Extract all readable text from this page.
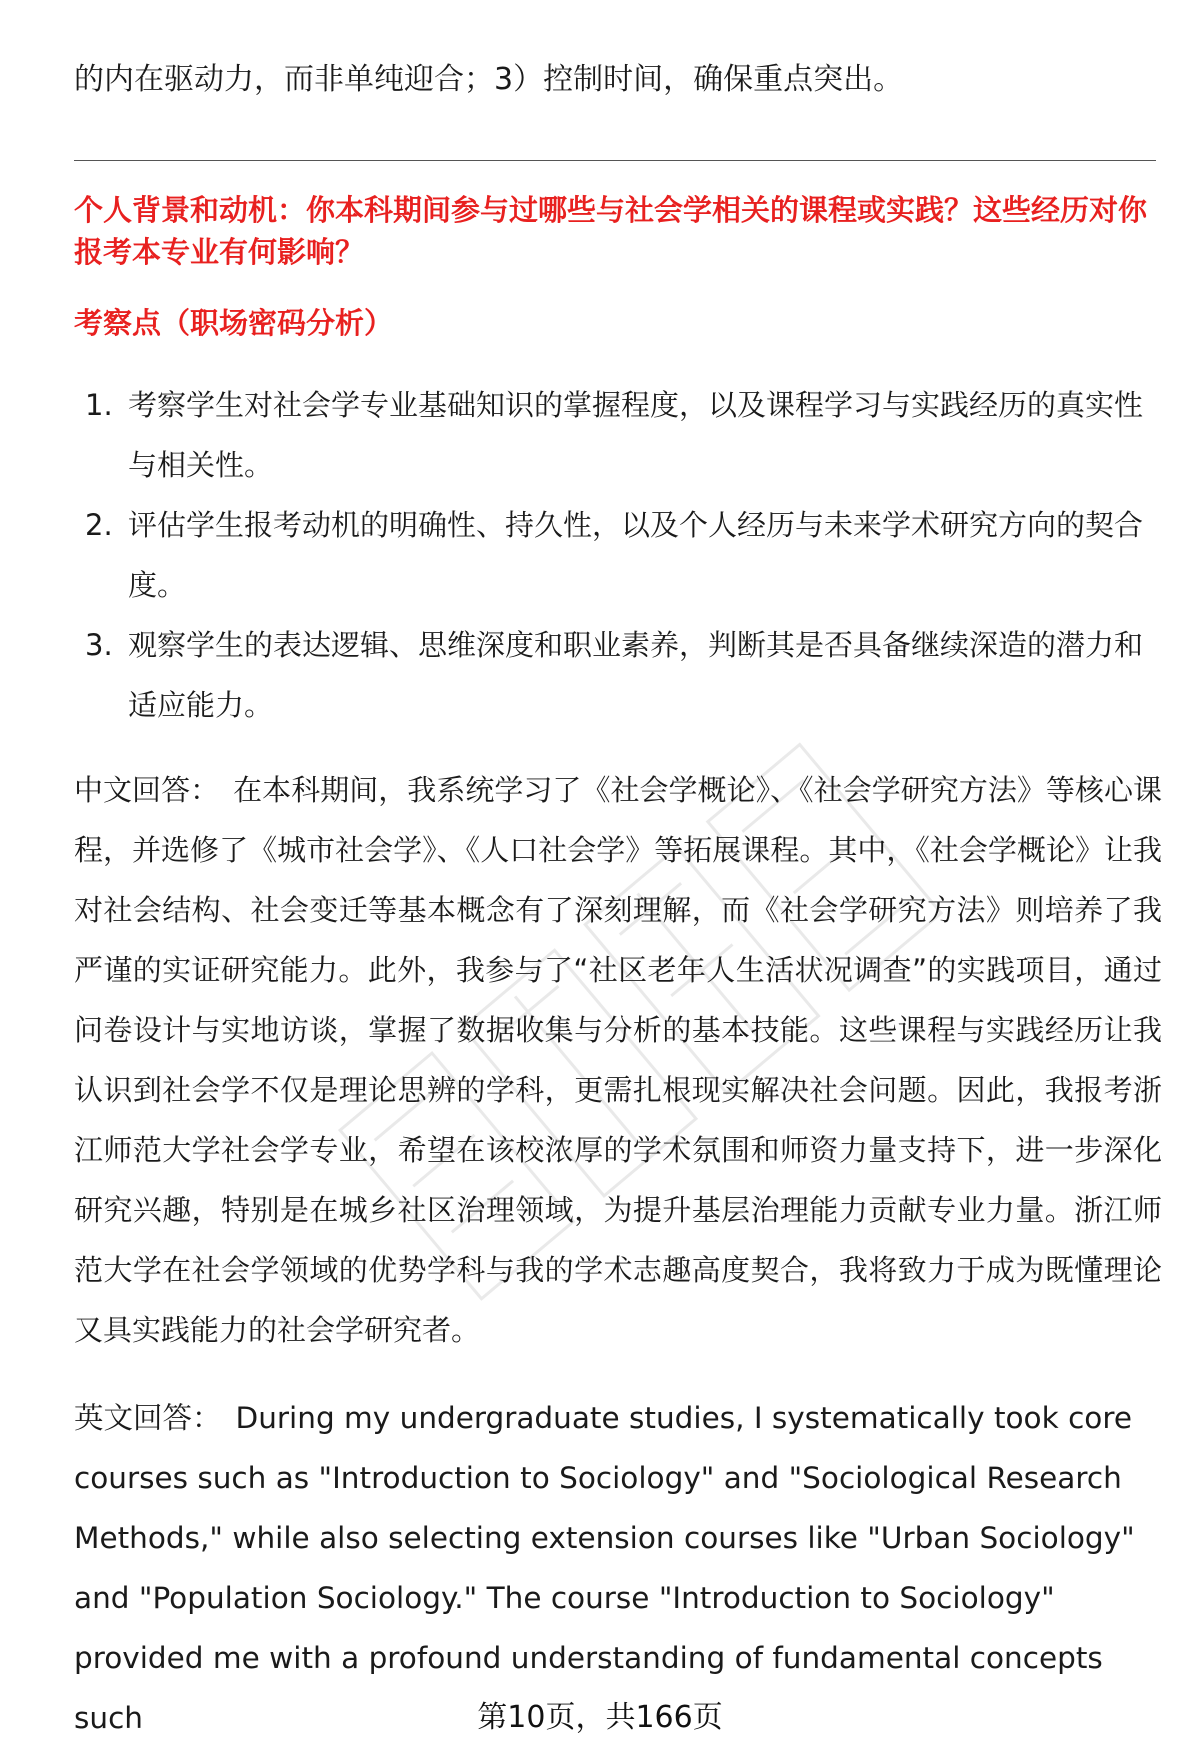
的内在驱动力，而非单纯迎合；3）控制时间，确保重点突出。
个人背景和动机：你本科期间参与过哪些与社会学相关的课程或实践？这些经历对你报考本专业有何影响？
考察点（职场密码分析）
1. 考察学生对社会学专业基础知识的掌握程度，以及课程学习与实践经历的真实性与相关性。
2. 评估学生报考动机的明确性、持久性，以及个人经历与未来学术研究方向的契合度。
3. 观察学生的表达逻辑、思维深度和职业素养，判断其是否具备继续深造的潜力和适应能力。
中文回答： 在本科期间，我系统学习了《社会学概论》、《社会学研究方法》等核心课程，并选修了《城市社会学》、《人口社会学》等拓展课程。其中，《社会学概论》让我对社会结构、社会变迁等基本概念有了深刻理解，而《社会学研究方法》则培养了我严谨的实证研究能力。此外，我参与了“社区老年人生活状况调查”的实践项目，通过问卷设计与实地访谈，掌握了数据收集与分析的基本技能。这些课程与实践经历让我认识到社会学不仅是理论思辨的学科，更需扎根现实解决社会问题。因此，我报考浙江师范大学社会学专业，希望在该校浓厚的学术氛围和师资力量支持下，进一步深化研究兴趣，特别是在城乡社区治理领域，为提升基层治理能力贡献专业力量。浙江师范大学在社会学领域的优势学科与我的学术志趣高度契合，我将致力于成为既懂理论又具实践能力的社会学研究者。
英文回答： During my undergraduate studies, I systematically took core courses such as "Introduction to Sociology" and "Sociological Research Methods," while also selecting extension courses like "Urban Sociology" and "Population Sociology." The course "Introduction to Sociology" provided me with a profound understanding of fundamental concepts such	第10页，共166页
